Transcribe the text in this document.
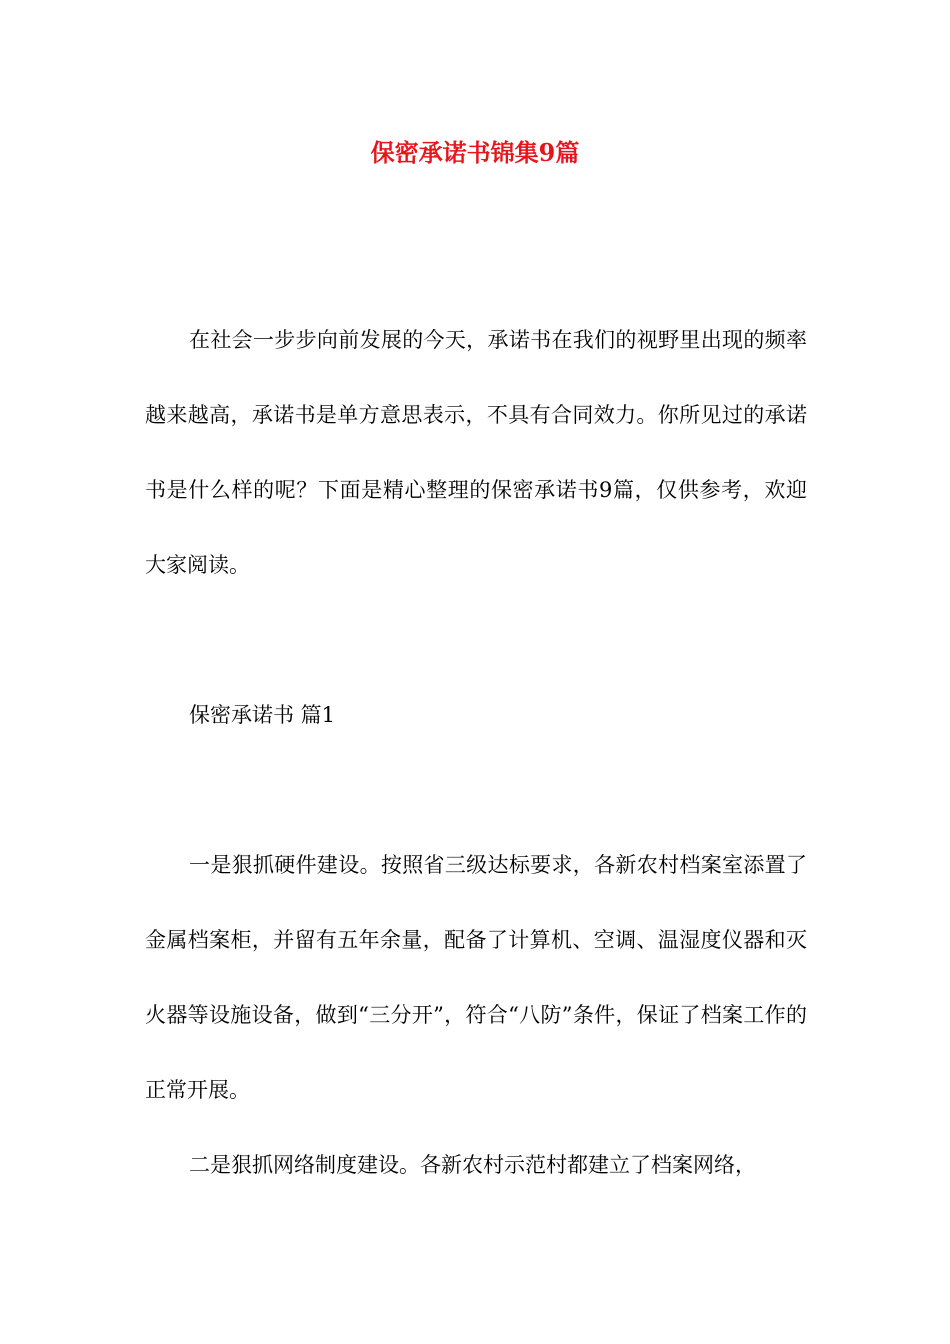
保密承诺书锦集9篇

在社会一步步向前发展的今天，承诺书在我们的视野里出现的频率越来越高，承诺书是单方意思表示，不具有合同效力。你所见过的承诺书是什么样的呢？下面是精心整理的保密承诺书9篇，仅供参考，欢迎大家阅读。

保密承诺书 篇1

一是狠抓硬件建设。按照省三级达标要求，各新农村档案室添置了金属档案柜，并留有五年余量，配备了计算机、空调、温湿度仪器和灭火器等设施设备，做到“三分开”，符合“八防”条件，保证了档案工作的正常开展。

二是狠抓网络制度建设。各新农村示范村都建立了档案网络，
